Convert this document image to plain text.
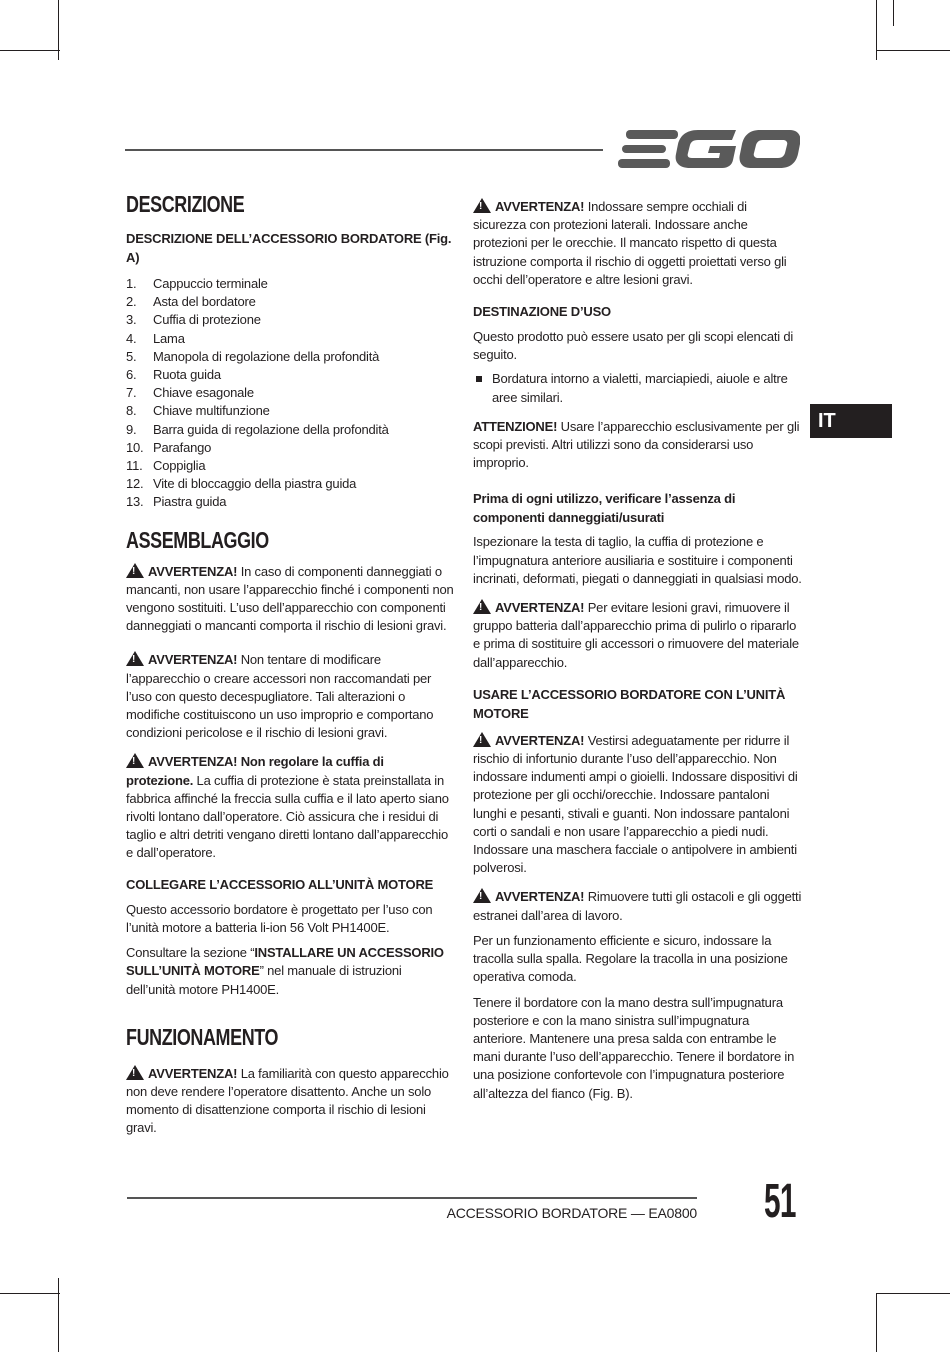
IT
DESCRIZIONE
DESCRIZIONE DELL’ACCESSORIO BORDATORE (Fig. A)
1.	Cappuccio terminale
2.	Asta del bordatore
3.	Cuffia di protezione
4.	Lama
5.	Manopola di regolazione della profondità
6.	Ruota guida
7.	Chiave esagonale
8.	Chiave multifunzione
9.	Barra guida di regolazione della profondità
10. Parafango
11. Coppiglia
12. Vite di bloccaggio della piastra guida
13. Piastra guida
ASSEMBLAGGIO

!AVVERTENZA! In caso di componenti danneggiati o mancanti, non usare l’apparecchio finché i componenti non vengono sostituiti. L’uso dell’apparecchio con componenti danneggiati o mancanti comporta il rischio di lesioni gravi.

!AVVERTENZA! Non tentare di modificare l’apparecchio o creare accessori non raccomandati per l’uso con questo decespugliatore. Tali alterazioni o modifiche costituiscono un uso improprio e comportano condizioni pericolose e il rischio di lesioni gravi.

!AVVERTENZA! Non regolare la cuffia di protezione. La cuffia di protezione è stata preinstallata in fabbrica affinché la freccia sulla cuffia e il lato aperto siano rivolti lontano dall’operatore. Ciò assicura che i residui di taglio e altri detriti vengano diretti lontano dall’apparecchio e dall’operatore.

COLLEGARE L’ACCESSORIO ALL’UNITÀ MOTORE

Questo accessorio bordatore è progettato per l’uso con l’unità motore a batteria li-ion 56 Volt PH1400E.

Consultare la sezione “INSTALLARE UN ACCESSORIO SULL’UNITÀ MOTORE” nel manuale di istruzioni dell’unità motore PH1400E.

FUNZIONAMENTO

!AVVERTENZA! La familiarità con questo apparecchio non deve rendere l’operatore disattento. Anche un solo momento di disattenzione comporta il rischio di lesioni gravi.

!AVVERTENZA! Indossare sempre occhiali di sicurezza con protezioni laterali. Indossare anche protezioni per le orecchie. Il mancato rispetto di questa istruzione comporta il rischio di oggetti proiettati verso gli occhi dell’operatore e altre lesioni gravi.

DESTINAZIONE D’USO

Questo prodotto può essere usato per gli scopi elencati di seguito.

Bordatura intorno a vialetti, marciapiedi, aiuole e altre aree similari.

ATTENZIONE! Usare l’apparecchio esclusivamente per gli scopi previsti. Altri utilizzi sono da considerarsi uso improprio.

Prima di ogni utilizzo, verificare l’assenza di componenti danneggiati/usurati

Ispezionare la testa di taglio, la cuffia di protezione e l’impugnatura anteriore ausiliaria e sostituire i componenti incrinati, deformati, piegati o danneggiati in qualsiasi modo.

!AVVERTENZA! Per evitare lesioni gravi, rimuovere il gruppo batteria dall’apparecchio prima di pulirlo o ripararlo e prima di sostituire gli accessori o rimuovere del materiale dall’apparecchio.

USARE L’ACCESSORIO BORDATORE CON L’UNITÀ MOTORE

!AVVERTENZA! Vestirsi adeguatamente per ridurre il rischio di infortunio durante l’uso dell’apparecchio. Non indossare indumenti ampi o gioielli. Indossare dispositivi di protezione per gli occhi/orecchie. Indossare pantaloni lunghi e pesanti, stivali e guanti. Non indossare pantaloni corti o sandali e non usare l’apparecchio a piedi nudi. Indossare una maschera facciale o antipolvere in ambienti polverosi.

!AVVERTENZA! Rimuovere tutti gli ostacoli e gli oggetti estranei dall’area di lavoro.

Per un funzionamento efficiente e sicuro, indossare la tracolla sulla spalla. Regolare la tracolla in una posizione operativa comoda.

Tenere il bordatore con la mano destra sull’impugnatura posteriore e con la mano sinistra sull’impugnatura anteriore. Mantenere una presa salda con entrambe le mani durante l’uso dell’apparecchio. Tenere il bordatore in una posizione confortevole con l’impugnatura posteriore all’altezza del fianco (Fig. B).

ACCESSORIO BORDATORE — EA0800 51
